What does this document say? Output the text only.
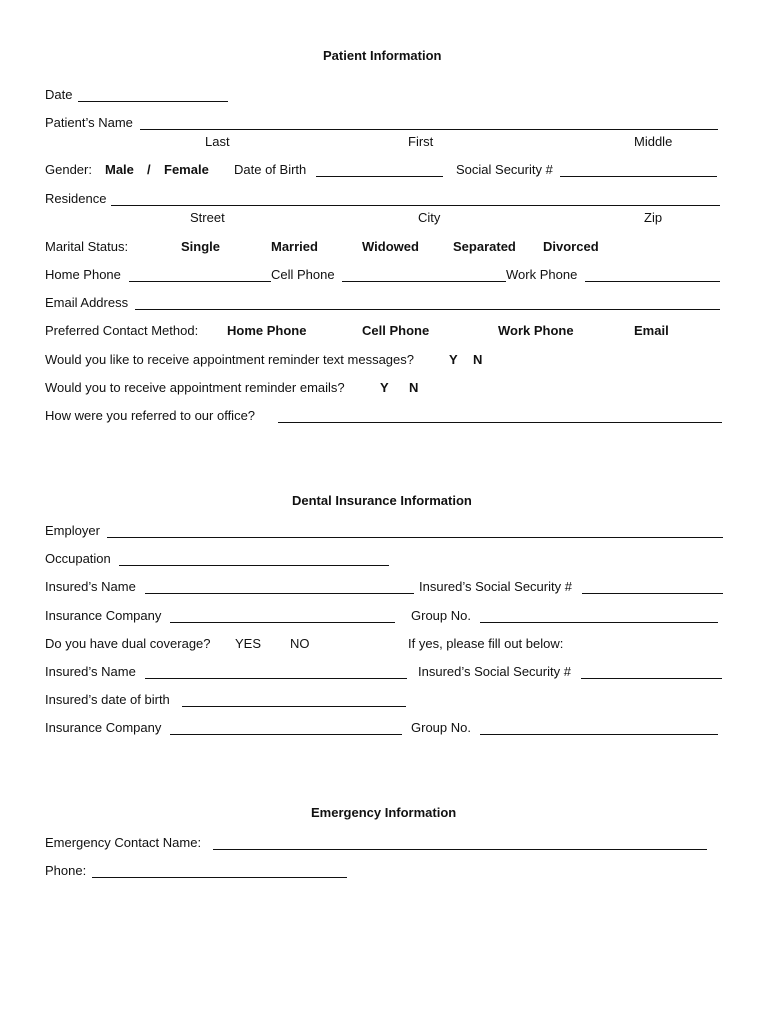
Patient Information
Date
Patient’s Name
Last	First	Middle
Gender: Male / Female Date of Birth	Social Security #
Residence
Street	City	Zip
Marital Status:	Single	Married	Widowed	Separated Divorced
Home Phone	Cell Phone	Work Phone
Email Address
Preferred Contact Method: Home Phone	Cell Phone	Work Phone	Email
Would you like to receive appointment reminder text messages?	Y N
Would you to receive appointment reminder emails?	Y N
How were you referred to our office?
Dental Insurance Information
Employer
Occupation
Insured’s Name	Insured’s Social Security #
Insurance Company	Group No.
Do you have dual coverage? YES NO	If yes, please fill out below:
Insured’s Name	Insured’s Social Security #
Insured’s date of birth
Insurance Company	Group No.
Emergency Information
Emergency Contact Name:
Phone:
